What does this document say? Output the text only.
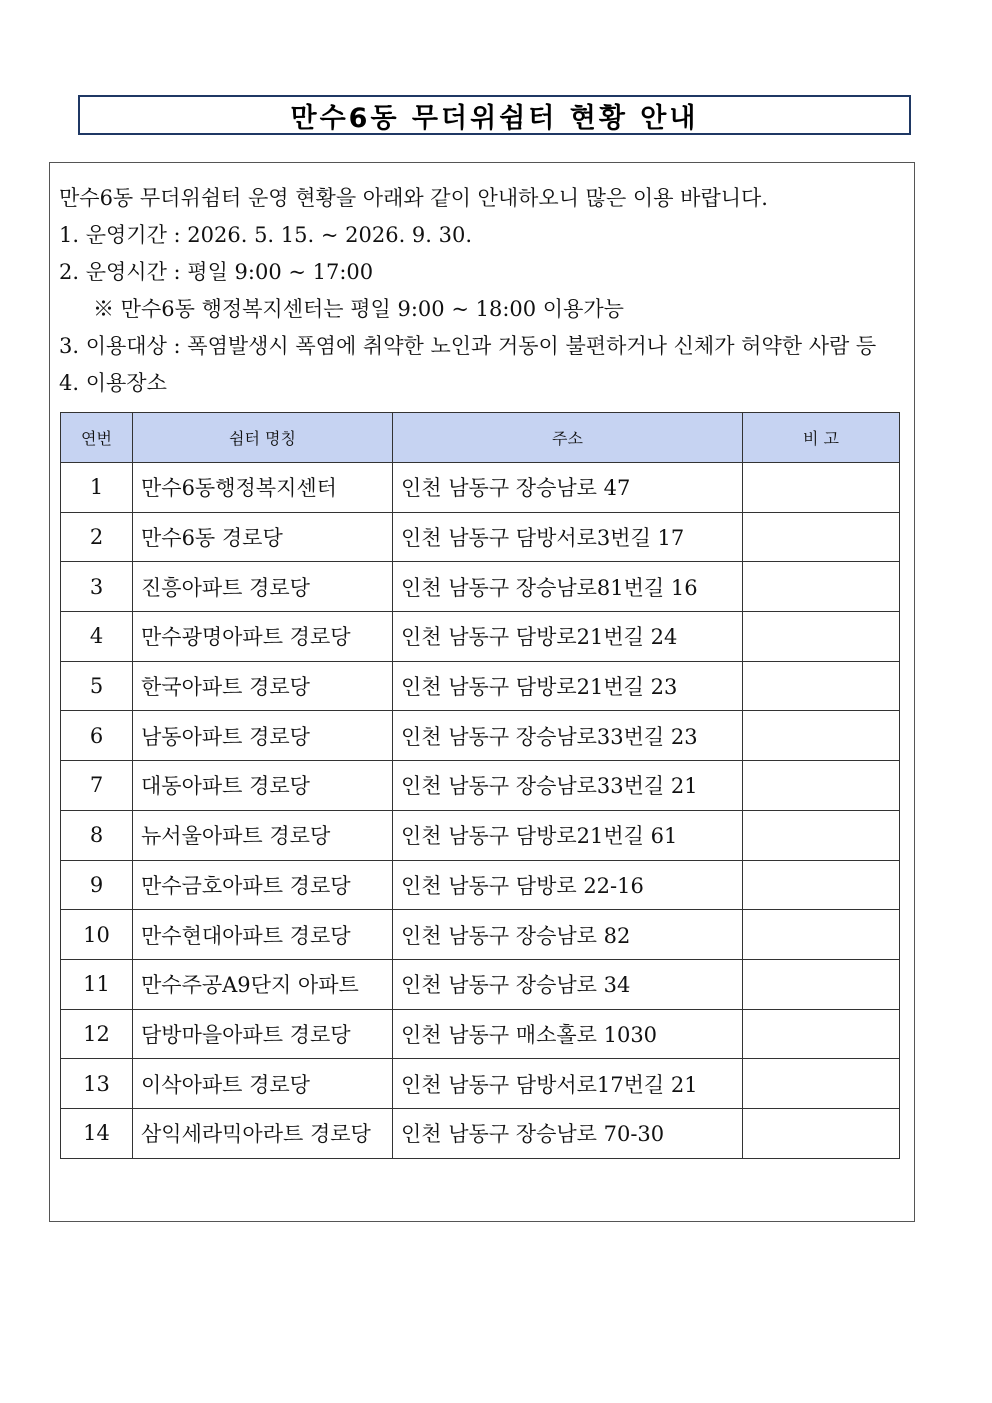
만수6동 무더위쉼터 현황 안내
만수6동 무더위쉼터 운영 현황을 아래와 같이 안내하오니 많은 이용 바랍니다.
1. 운영기간 : 2026. 5. 15. ~ 2026. 9. 30.
2. 운영시간 : 평일 9:00 ~ 17:00
※ 만수6동 행정복지센터는 평일 9:00 ~ 18:00 이용가능
3. 이용대상 : 폭염발생시 폭염에 취약한 노인과 거동이 불편하거나 신체가 허약한 사람 등
4. 이용장소
연번	쉼터 명칭	주소	비 고
1	만수6동행정복지센터	인천 남동구 장승남로 47	
2	만수6동 경로당	인천 남동구 담방서로3번길 17	
3	진흥아파트 경로당	인천 남동구 장승남로81번길 16	
4	만수광명아파트 경로당	인천 남동구 담방로21번길 24	
5	한국아파트 경로당	인천 남동구 담방로21번길 23	
6	남동아파트 경로당	인천 남동구 장승남로33번길 23	
7	대동아파트 경로당	인천 남동구 장승남로33번길 21	
8	뉴서울아파트 경로당	인천 남동구 담방로21번길 61	
9	만수금호아파트 경로당	인천 남동구 담방로 22-16	
10	만수현대아파트 경로당	인천 남동구 장승남로 82	
11	만수주공A9단지 아파트	인천 남동구 장승남로 34	
12	담방마을아파트 경로당	인천 남동구 매소홀로 1030	
13	이삭아파트 경로당	인천 남동구 담방서로17번길 21	
14	삼익세라믹아라트 경로당	인천 남동구 장승남로 70-30	
